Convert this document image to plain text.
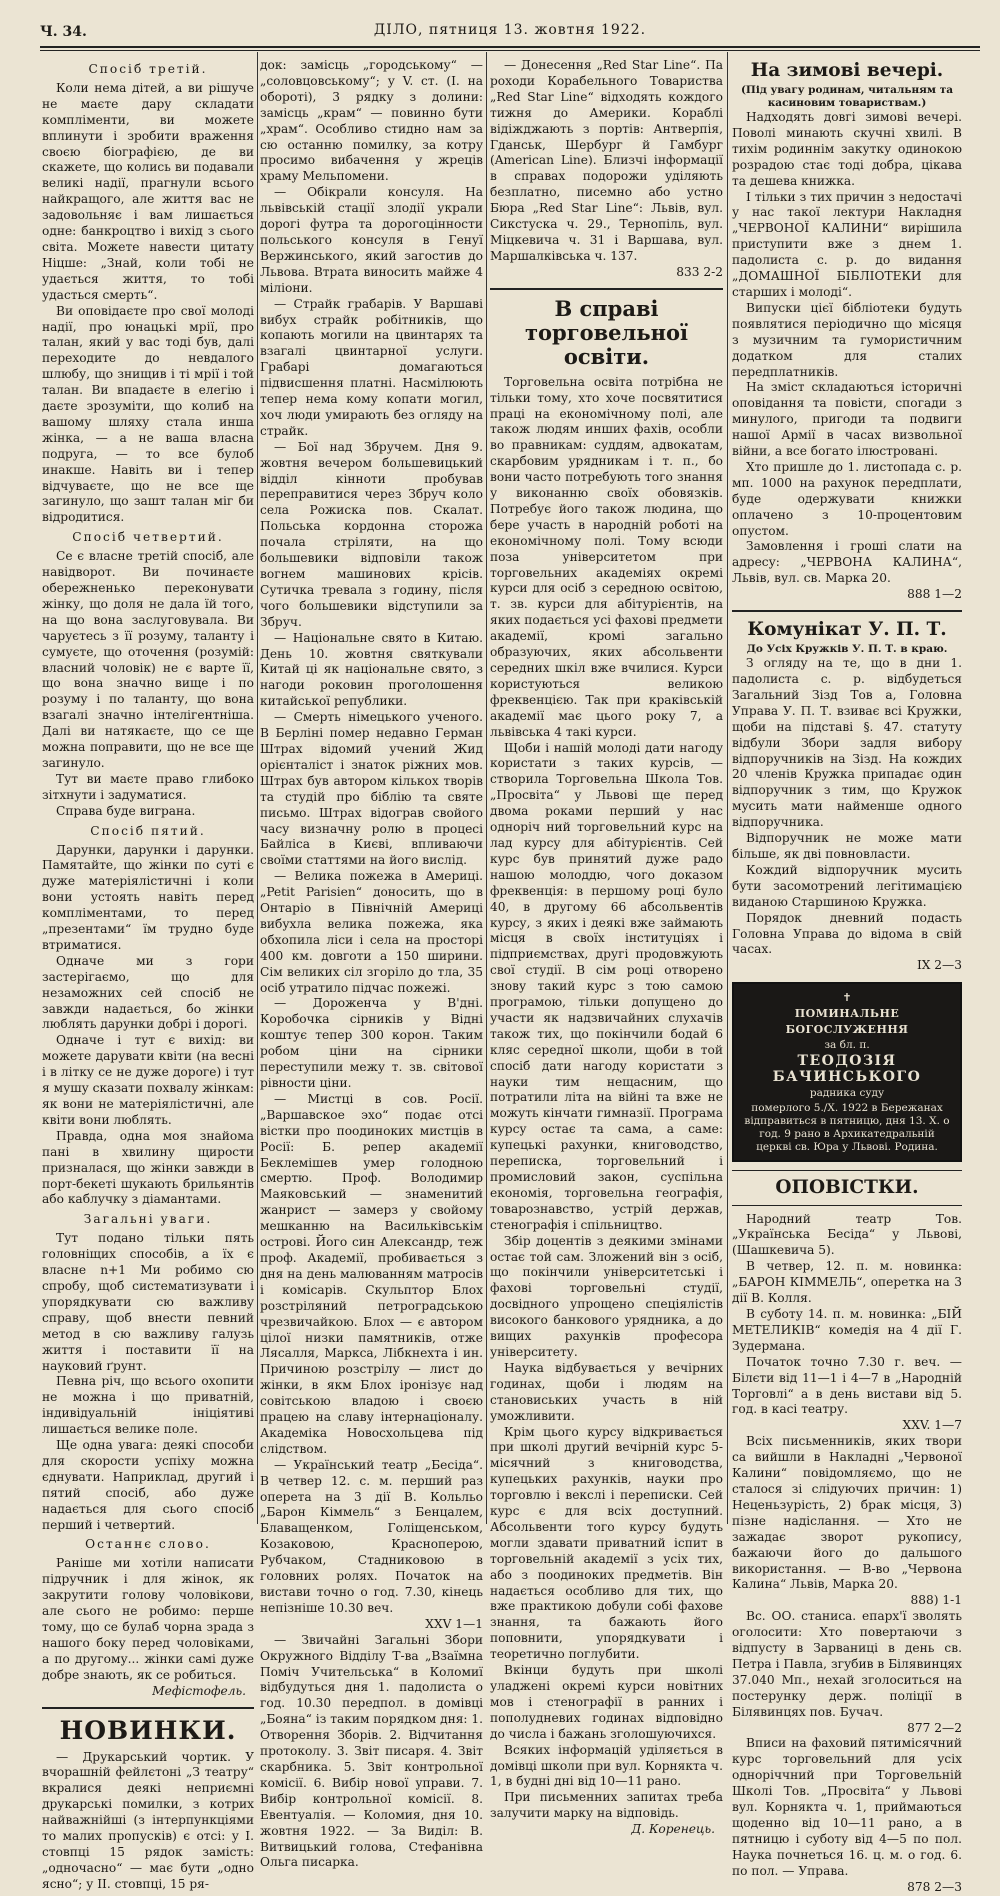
Ч. 34.	ДІЛО, пятниця 13. жовтня 1922.
Спосіб третій.

Коли нема дітей, а ви рішуче не маєте дару складати компліменти, ви можете вплинути і зробити враження своєю біографією, де ви скажете, що колись ви подавали великі надії, прагнули всього найкращого, але життя вас не задовольняє і вам лишається одне: банкроцтво і вихід з сього світа. Можете навести цитату Ніцше: „Знай, коли тобі не удається життя, то тобі удасться смерть“.

Ви оповідаєте про свої молоді надії, про юнацькі мрії, про талан, який у вас тоді був, далі переходите до невдалого шлюбу, що знищив і ті мрії і той талан. Ви впадаєте в елегію і даєте зрозуміти, що колиб на вашому шляху стала инша жінка, — а не ваша власна подруга, — то все булоб инакше. Навіть ви і тепер відчуваєте, що не все ще загинуло, що зашт талан міг би відродитися.

Спосіб четвертий.

Се є власне третій спосіб, але навідворот. Ви починаєте обережненько переконувати жінку, що доля не дала їй того, на що вона заслуговувала. Ви чаруєтесь з її розуму, таланту і сумуєте, що оточення (розумій: власний чоловік) не є варте її, що вона значно вище і по розуму і по таланту, що вона взагалі значно інтелігентніша. Далі ви натякаєте, що се ще можна поправити, що не все ще загинуло.

Тут ви маєте право глибоко зітхнути і задуматися.

Справа буде виграна.

Спосіб пятий.

Дарунки, дарунки і дарунки. Памятайте, що жінки по суті є дуже матеріялістичні і коли вони устоять навіть перед компліментами, то перед „презентами“ їм трудно буде втриматися.

Одначе ми з гори застерігаємо, що для незаможних сей спосіб не завжди надається, бо жінки люблять дарунки добрі і дорогі.

Одначе і тут є вихід: ви можете дарувати квіти (на весні і в літку се не дуже дороге) і тут я мушу сказати похвалу жінкам: як вони не матеріялістичні, але квіти вони люблять.

Правда, одна моя знайома пані в хвилину щирости призналася, що жінки завжди в порт-бекеті шукають брильянтів або каблучку з діамантами.

Загальні уваги.

Тут подано тільки пять головніщих способів, а їх є власне n+1 Ми робимо сю спробу, щоб систематизувати і упорядкувати сю важливу справу, щоб внести певний метод в сю важливу галузь життя і поставити її на науковий ґрунт.

Певна річ, що всього охопити не можна і що приватній, індивідуальній ініціятиві лишається велике поле.

Ще одна увага: деякі способи для скорости успіху можна єднувати. Наприклад, другий і пятий спосіб, або дуже надається для сього спосіб перший і четвертий.

Останнє слово.

Раніше ми хотіли написати підручник і для жінок, як закрутити голову чоловікови, але сього не робимо: перше тому, що се булаб чорна зрада з нашого боку перед чоловіками, а по другому... жінки самі дуже добре знають, як се робиться.

Мефістофель.
НОВИНКИ.

— Друкарський чортик. У вчорашній фейлєтоні „З театру“ вкралися деякі неприємні друкарські помилки, з котрих найважнійші (з інтерпункціями то малих пропусків) є отсі: у І. стовпці 15 рядок замість: „одночасно“ — має бути „одно ясно“; у ІІ. стовпці, 15 ря-

док: замісць „городському“ — „соловцовському“; у V. ст. (І. на обороті), 3 рядку з долини: замісць „крам“ — повинно бути „храм“. Особливо стидно нам за сю останню помилку, за котру просимо вибачення у жреців храму Мельпомени.

— Обікрали консуля. На львівській стації злодії украли дорогі футра та дорогоцінности польського консуля в Генуї Вержинського, який загостив до Львова. Втрата виносить майже 4 міліони.

— Страйк грабарів. У Варшаві вибух страйк робітників, що копають могили на цвинтарях та взагалі цвинтарної услуги. Грабарі домагаються підвисшення платні. Насмілюють тепер нема кому копати могил, хоч люди умирають без огляду на страйк.

— Бої над Збручем. Дня 9. жовтня вечером большевицький відділ кінноти пробував переправитися через Збруч коло села Рожиска пов. Скалат. Польська кордонна сторожа почала стріляти, на що большевики відповіли також вогнем машинових крісів. Сутичка тревала з годину, після чого большевики відступили за Збруч.

— Національне свято в Китаю. День 10. жовтня святкували Китай ці як національне свято, з нагоди роковин проголошення китайської републики.

— Смерть німецького ученого. В Берліні помер недавно Герман Штрах відомий учений Жид орієнталіст і знаток ріжних мов. Штрах був автором кількох творів та студій про біблію та святе письмо. Штрах відограв свойого часу визначну ролю в процесі Байліса в Києві, впливаючи своїми статтями на його вислід.

— Велика пожежа в Америці. „Petit Parisien“ доносить, що в Онтаріо в Північній Америці вибухла велика пожежа, яка обхопила ліси і села на просторі 400 км. довготи а 150 ширини. Сім великих сіл згоріло до тла, 35 осіб утратило підчас пожежі.

— Дороженча у В'дні. Коробочка сірників у Відні коштує тепер 300 корон. Таким робом ціни на сірники переступили межу т. зв. світової рівности ціни.

— Мистці в сов. Росії. „Варшавское эхо“ подає отсі вістки про поодиноких мистців в Росії: Б. репер академії Беклемішев умер голодною смертю. Проф. Володимир Маяковський — знаменитий жанрист — замерз у свойому мешканню на Васильківськім острові. Його син Александр, теж проф. Академії, пробивається з дня на день малюванням матросів і комісарів. Скульптор Блох розстріляний петроградською чрезвичайкою. Блох — є автором цілої низки памятників, отже Лясалля, Маркса, Лібкнехта і ин. Причиною розстрілу — лист до жінки, в якм Блох іронізує над совітською владою і своєю працею на славу інтернаціоналу. Академіка Новосхольцева під слідством.

— Український театр „Бесіда“. В четвер 12. с. м. перший раз оперета на 3 дії В. Кольльо „Барон Кіммель“ з Бенцалем, Блаващенком, Голіщенськом, Козаковою, Красноперою, Рубчаком, Стадниковою в головних ролях. Початок на вистави точно о год. 7.30, кінець непізніше 10.30 веч.

XXV 1—1

— Звичайні Загальні Збори Окружного Відділу Т-ва „Взаїмна Поміч Учительська“ в Коломиї відбудуться дня 1. падолиста о год. 10.30 передпол. в домівці „Бояна“ із таким порядком дня: 1. Отворення Зборів. 2. Відчитання протоколу. 3. Звіт писаря. 4. Звіт скарбника. 5. Звіт контрольної комісії. 6. Вибір нової управи. 7. Вибір контрольної комісії. 8. Евентуалія. — Коломия, дня 10. жовтня 1922. — За Виділ: В. Витвицький голова, Стефанівна Ольга писарка.

— Донесення „Red Star Line“. Па роходи Корабельного Товариства „Red Star Line“ відходять кождого тижня до Америки. Кораблі відіжджають з портів: Антверпія, Гданськ, Шербург й Гамбург (American Line). Близчі інформації в справах подорожи уділяють безплатно, писемно або устно Бюра „Red Star Line“: Львів, вул. Сикстуска ч. 29., Тернопіль, вул. Міцкевича ч. 31 і Варшава, вул. Маршалківська ч. 137.

833 2-2
В справі торговельної освіти.

Торговельна освіта потрібна не тільки тому, хто хоче посвятитися праці на економічному полі, але також людям инших фахів, особли во правникам: суддям, адвокатам, скарбовим урядникам і т. п., бо вони часто потребують того знання у виконанню своїх обовязків. Потребує його також людина, що бере участь в народній роботі на економічному полі. Тому всюди поза університетом при торговельних академіях окремі курси для осіб з середною освітою, т. зв. курси для абітурієнтів, на яких подається усі фахові предмети академії, кромі загально образуючих, яких абсольвенти середних шкіл вже вчилися. Курси користуються великою фреквенцією. Так при краківській академії має цього року 7, а львівська 4 такі курси.

Щоби і нашій молоді дати нагоду користати з таких курсів, — створила Торговельна Школа Тов. „Просвіта“ у Львові ще перед двома роками перший у нас одноріч ний торговельний курс на лад курсу для абітурієнтів. Сей курс був принятий дуже радо нашою молоддю, чого доказом фреквенція: в першому році було 40, в другому 66 абсольвентів курсу, з яких і деякі вже займають місця в своїх інституціях і підприємствах, другі продовжують свої студії. В сім році отворено знову такий курс з тою самою програмою, тільки допущено до участи як надзвичайних слухачів також тих, що покінчили бодай 6 кляс середної школи, щоби в той спосіб дати нагоду користати з науки тим нещасним, що потратили літа на війні та вже не можуть кінчати гимназії. Програма курсу остає та сама, а саме: купецькі рахунки, книговодство, переписка, торговельний і промисловий закон, суспільна економія, торговельна географія, товарознавство, устрій держав, стенографія і спільництво.

Збір доцентів з деякими змінами остає той сам. Зложений він з осіб, що покінчили університетські і фахові торговельні студії, досвідного упрощено спеціялістів високого банкового урядника, а до вищих рахунків професора університету.

Наука відбувається у вечірних годинах, щоби і людям на становиських участь в ній уможливити.

Крім цього курсу відкривається при школі другий вечірній курс 5-місячний з книговодства, купецьких рахунків, науки про торговлю і векслі і переписки. Сей курс є для всіх доступний. Абсольвенти того курсу будуть могли здавати приватний іспит в торговельній академії з усіх тих, або з поодиноких предметів. Він надається особливо для тих, що вже практикою добули собі фахове знання, та бажають його поповнити, упорядкувати і теоретично поглубити.

Вкінци будуть при школі уладжені окремі курси новітних мов і стенографії в ранних і пополудневих годинах відповідно до числа і бажань зголошуючихся.

Всяких інформацій уділяється в домівці школи при вул. Корнякта ч. 1, в будні дні від 10—11 рано.

При письменних запитах треба залучити марку на відповідь.

Д. Коренець.
На зимові вечері.
(Під увагу родинам, читальням та касиновим товариствам.)

Надходять довгі зимові вечері. Поволі минають скучні хвилі. В тихім родиннім закутку одинокою розрадою стає тоді добра, цікава та дешева книжка.

І тільки з тих причин з недостачі у нас такої лектури Накладня „ЧЕРВОНОЇ КАЛИНИ“ вирішила приступити вже з днем 1. падолиста с. р. до видання „ДОМАШНОЇ БІБЛІОТЕКИ для старших і молоді“.

Випуски цієї бібліотеки будуть появлятися періодично що місяця з музичним та гумористичним додатком для сталих передплатників.

На зміст складаються історичні оповідання та повісти, спогади з минулого, пригоди та подвиги нашої Армії в часах визвольної війни, а все богато ілюстровані.

Хто пришле до 1. листопада с. р. мп. 1000 на рахунок передплати, буде одержувати книжки оплачено з 10-процентовим опустом.

Замовлення і гроші слати на адресу: „ЧЕРВОНА КАЛИНА“, Львів, вул. св. Марка 20.

888 1—2
Комунікат У. П. Т.
До Усіх Кружків У. П. Т. в краю.

З огляду на те, що в дни 1. падолиста с. р. відбудеться Загальний Зізд Тов а, Головна Управа У. П. Т. взиває всі Кружки, щоби на підставі §. 47. статуту відбули Збори задля вибору відпоручників на Зізд. На кождих 20 членів Кружка припадає один відпоручник з тим, що Кружок мусить мати найменше одного відпоручника.

Відпоручник не може мати більше, як дві повновласти.

Кождий відпоручник мусить бути засомотрений легітимацією виданою Старшиною Кружка.

Порядок дневний подасть Головна Управа до відома в свій часах.

IX 2—3
✝
ПОМИНАЛЬНЕ БОГОСЛУЖЕННЯ
за бл. п.
ТЕОДОЗІЯ БАЧИНСЬКОГО
радника суду
померлого 5./X. 1922 в Бережанах відправиться в пятницю, дня 13. Х. о год. 9 рано в Архикатедральній церкві св. Юра у Львові. Родина.
ОПОВІСТКИ.

Народний театр Тов. „Українська Бесіда“ у Львові, (Шашкевича 5).

В четвер, 12. п. м. новинка: „БАРОН КІММЕЛЬ“, оперетка на 3 дії В. Колля.

В суботу 14. п. м. новинка: „БІЙ МЕТЕЛИКІВ“ комедія на 4 дії Г. Зудермана.

Початок точно 7.30 г. веч. — Білєти від 11—1 і 4—7 в „Народній Торговлі“ а в день вистави від 5. год. в касі театру.

XXV. 1—7

Всіх письменників, яких твори са вийшли в Накладні „Червоної Калини“ повідомляємо, що не сталося зі слідуючих причин: 1) Неценьзурість, 2) брак місця, 3) пізне надіслання. — Хто не зажадає зворот рукопису, бажаючи його до дальшого використання. — В-во „Червона Калина“ Львів, Марка 20.

888) 1-1

Вс. ОО. станиса. епарх'ї зволять оголосити: Хто повертаючи з відпусту в Зарваниці в день св. Петра і Павла, згубив в Білявинцях 37.040 Мп., нехай зголоситься на постерунку держ. поліції в Білявинцях пов. Бучач.

877 2—2

Вписи на фаховий пятимісячний курс торговельний для усіх одноріччний при Торговельній Школі Тов. „Просвіта“ у Львові вул. Корнякта ч. 1, приймаються щоденно від 10—11 рано, а в пятницю і суботу від 4—5 по пол. Наука почнеться 16. ц. м. о год. 6. по пол. — Управа.

878 2—3
